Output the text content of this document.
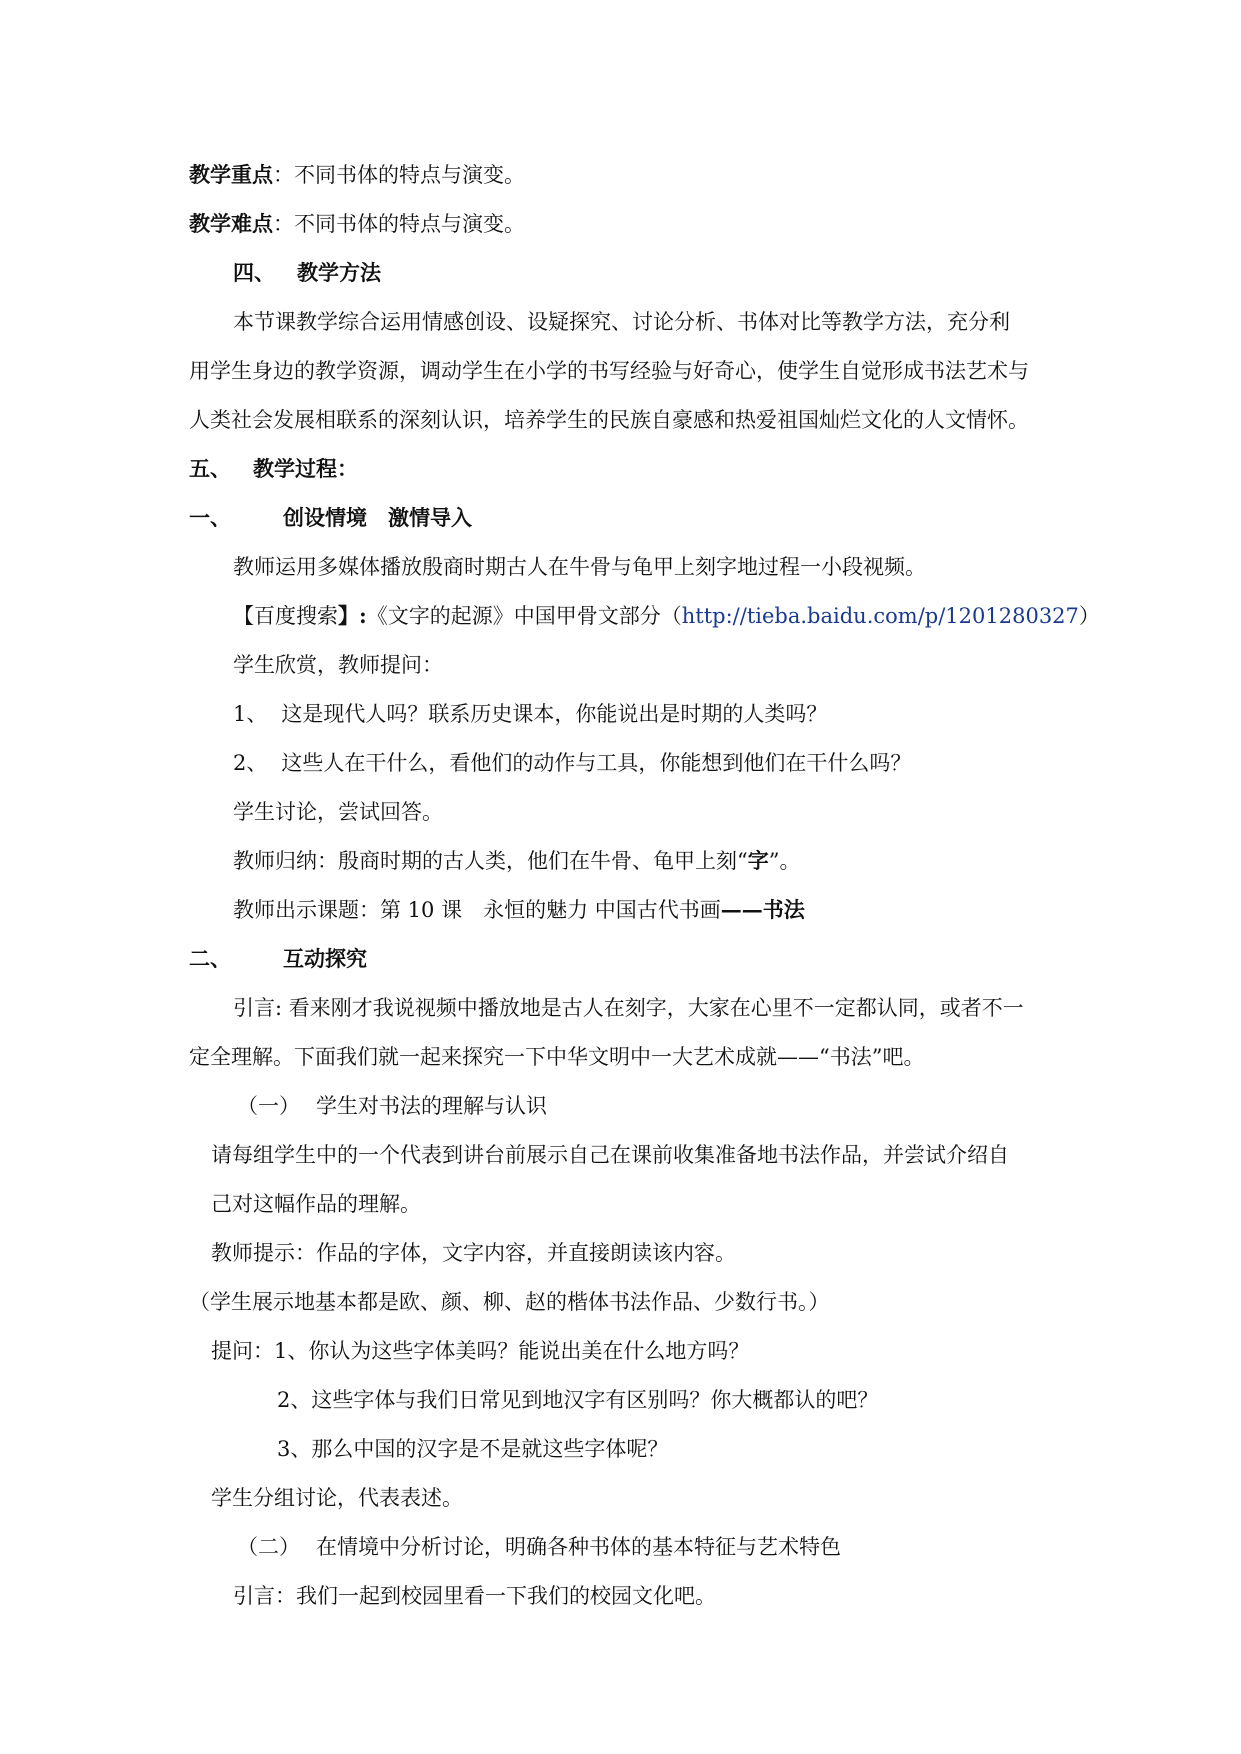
教学重点：不同书体的特点与演变。
教学难点：不同书体的特点与演变。
四、 教学方法
本节课教学综合运用情感创设、设疑探究、讨论分析、书体对比等教学方法，充分利
用学生身边的教学资源，调动学生在小学的书写经验与好奇心，使学生自觉形成书法艺术与
人类社会发展相联系的深刻认识，培养学生的民族自豪感和热爱祖国灿烂文化的人文情怀。
五、 教学过程：
一、 创设情境　激情导入
教师运用多媒体播放殷商时期古人在牛骨与龟甲上刻字地过程一小段视频。
【百度搜索】:《文字的起源》中国甲骨文部分（http://tieba.baidu.com/p/1201280327）
学生欣赏，教师提问：
1、 这是现代人吗？联系历史课本，你能说出是时期的人类吗？
2、 这些人在干什么，看他们的动作与工具，你能想到他们在干什么吗？
学生讨论，尝试回答。
教师归纳：殷商时期的古人类，他们在牛骨、龟甲上刻“字”。
教师出示课题：第 10 课　永恒的魅力 中国古代书画——书法
二、 互动探究
引言: 看来刚才我说视频中播放地是古人在刻字，大家在心里不一定都认同，或者不一
定全理解。下面我们就一起来探究一下中华文明中一大艺术成就——“书法”吧。
（一） 学生对书法的理解与认识
请每组学生中的一个代表到讲台前展示自己在课前收集准备地书法作品，并尝试介绍自
己对这幅作品的理解。
教师提示：作品的字体，文字内容，并直接朗读该内容。
（学生展示地基本都是欧、颜、柳、赵的楷体书法作品、少数行书。）
提问：1、你认为这些字体美吗？能说出美在什么地方吗？
2、这些字体与我们日常见到地汉字有区别吗？你大概都认的吧？
3、那么中国的汉字是不是就这些字体呢？
学生分组讨论，代表表述。
（二） 在情境中分析讨论，明确各种书体的基本特征与艺术特色
引言：我们一起到校园里看一下我们的校园文化吧。
